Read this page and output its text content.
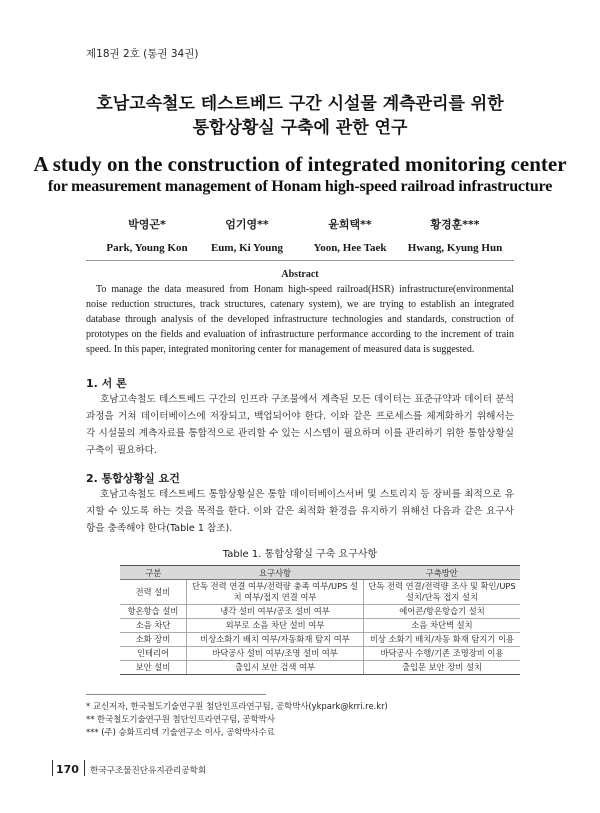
제18권 2호 (통권 34권)
호남고속철도 테스트베드 구간 시설물 계측관리를 위한
통합상황실 구축에 관한 연구
A study on the construction of integrated monitoring center
for measurement management of Honam high-speed railroad infrastructure
박영곤*
Park, Young Kon
엄기영**
Eum, Ki Young
윤희택**
Yoon, Hee Taek
황경훈***
Hwang, Kyung Hun
Abstract
To manage the data measured from Honam high-speed railroad(HSR) infrastructure(environmental noise reduction structures, track structures, catenary system), we are trying to establish an integrated database through analysis of the developed infrastructure technologies and standards, construction of prototypes on the fields and evaluation of infrastructure performance according to the increment of train speed. In this paper, integrated monitoring center for management of measured data is suggested.
1. 서 론
호남고속철도 테스트베드 구간의 인프라 구조물에서 계측된 모든 데이터는 표준규약과 데이터 분석과정을 거쳐 데이터베이스에 저장되고, 백업되어야 한다. 이와 같은 프로세스를 체계화하기 위해서는 각 시설물의 계측자료를 통합적으로 관리할 수 있는 시스템이 필요하며 이를 관리하기 위한 통합상황실 구축이 필요하다.
2. 통합상황실 요건
호남고속철도 테스트베드 통합상황실은 통합 데이터베이스서버 및 스토리지 등 장비를 최적으로 유지할 수 있도록 하는 것을 목적을 한다. 이와 같은 최적화 환경을 유지하기 위해선 다음과 같은 요구사항을 충족해야 한다(Table 1 참조).
Table 1. 통합상황실 구축 요구사항
구분	요구사항	구축방안
전력 설비	단독 전력 연결 여부/전력량 충족 여부/UPS 설치 여부/접지 연결 여부	단독 전력 연결/전력량 조사 및 확인/UPS 설치/단독 접지 설치
항온항습 설비	냉각 설비 여부/공조 설비 여부	에어콘/항온항습기 설치
소음 차단	외부로 소음 차단 설비 여부	소음 차단벽 설치
소화 장비	비상소화기 배치 여부/자동화재 탐지 여부	비상 소화기 배치/자동 화재 탐지기 이용
인테리어	바닥공사 설비 여부/조명 설비 여부	바닥공사 수행/기존 조명장비 이용
보안 설비	출입시 보안 검색 여부	출입문 보안 장비 설치
* 교신저자, 한국철도기술연구원 첨단인프라연구팀, 공학박사(ykpark@krri.re.kr)
** 한국철도기술연구원 첨단인프라연구팀, 공학박사
*** (주) 승화프리텍 기술연구소 이사, 공학박사수료
170 한국구조물진단유지관리공학회
